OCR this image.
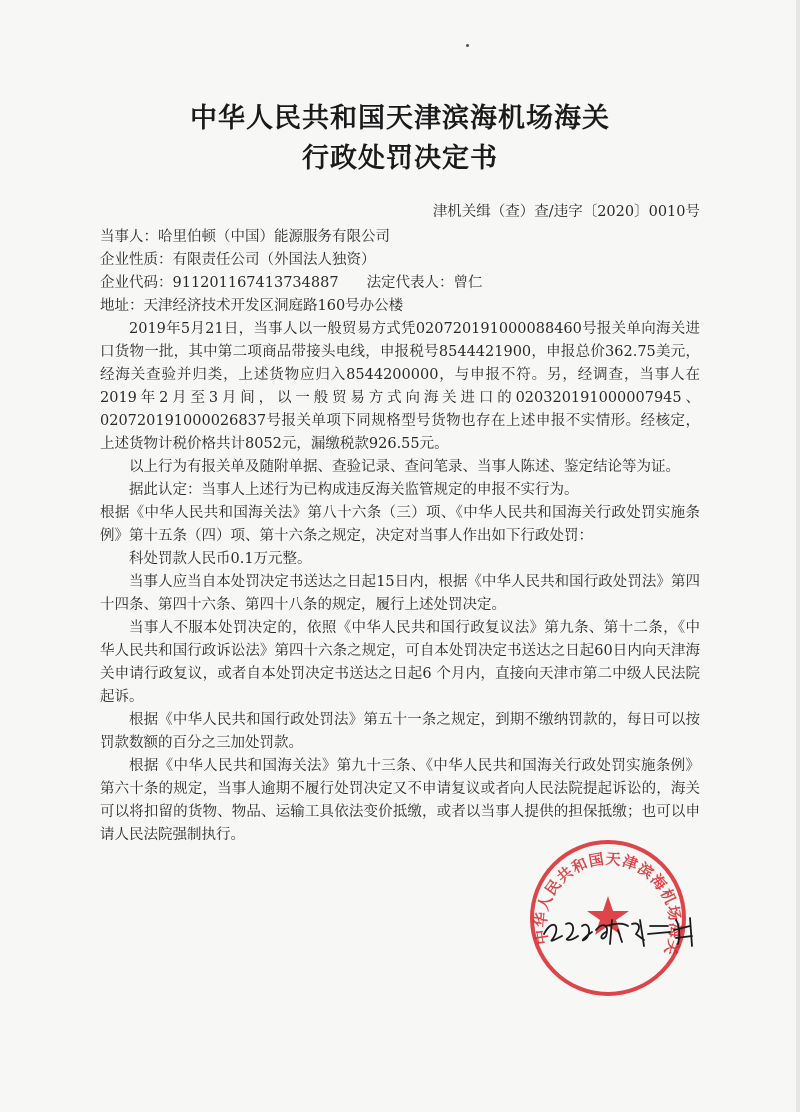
中华人民共和国天津滨海机场海关
行政处罚决定书
津机关缉（查）查/违字〔2020〕0010号

当事人：哈里伯顿（中国）能源服务有限公司

企业性质：有限责任公司（外国法人独资）

企业代码：911201167413734887 法定代表人：曾仁

地址：天津经济技术开发区洞庭路160号办公楼

2019年5月21日，当事人以一般贸易方式凭020720191000088460号报关单向海关进口货物一批，其中第二项商品带接头电线，申报税号8544421900，申报总价362.75美元，经海关查验并归类，上述货物应归入8544200000，与申报不符。另，经调查，当事人在2019年2月至3月间，以一般贸易方式向海关进口的020320191000007945、020720191000026837号报关单项下同规格型号货物也存在上述申报不实情形。经核定，上述货物计税价格共计8052元，漏缴税款926.55元。

以上行为有报关单及随附单据、查验记录、查问笔录、当事人陈述、鉴定结论等为证。

据此认定：当事人上述行为已构成违反海关监管规定的申报不实行为。

根据《中华人民共和国海关法》第八十六条（三）项、《中华人民共和国海关行政处罚实施条例》第十五条（四）项、第十六条之规定，决定对当事人作出如下行政处罚：

科处罚款人民币0.1万元整。

当事人应当自本处罚决定书送达之日起15日内，根据《中华人民共和国行政处罚法》第四十四条、第四十六条、第四十八条的规定，履行上述处罚决定。

当事人不服本处罚决定的，依照《中华人民共和国行政复议法》第九条、第十二条，《中华人民共和国行政诉讼法》第四十六条之规定，可自本处罚决定书送达之日起60日内向天津海关申请行政复议，或者自本处罚决定书送达之日起6 个月内，直接向天津市第二中级人民法院起诉。

根据《中华人民共和国行政处罚法》第五十一条之规定，到期不缴纳罚款的，每日可以按罚款数额的百分之三加处罚款。

根据《中华人民共和国海关法》第九十三条、《中华人民共和国海关行政处罚实施条例》第六十条的规定，当事人逾期不履行处罚决定又不申请复议或者向人民法院提起诉讼的，海关可以将扣留的货物、物品、运输工具依法变价抵缴，或者以当事人提供的担保抵缴；也可以申请人民法院强制执行。

中华人民共和国天津滨海机场海关
